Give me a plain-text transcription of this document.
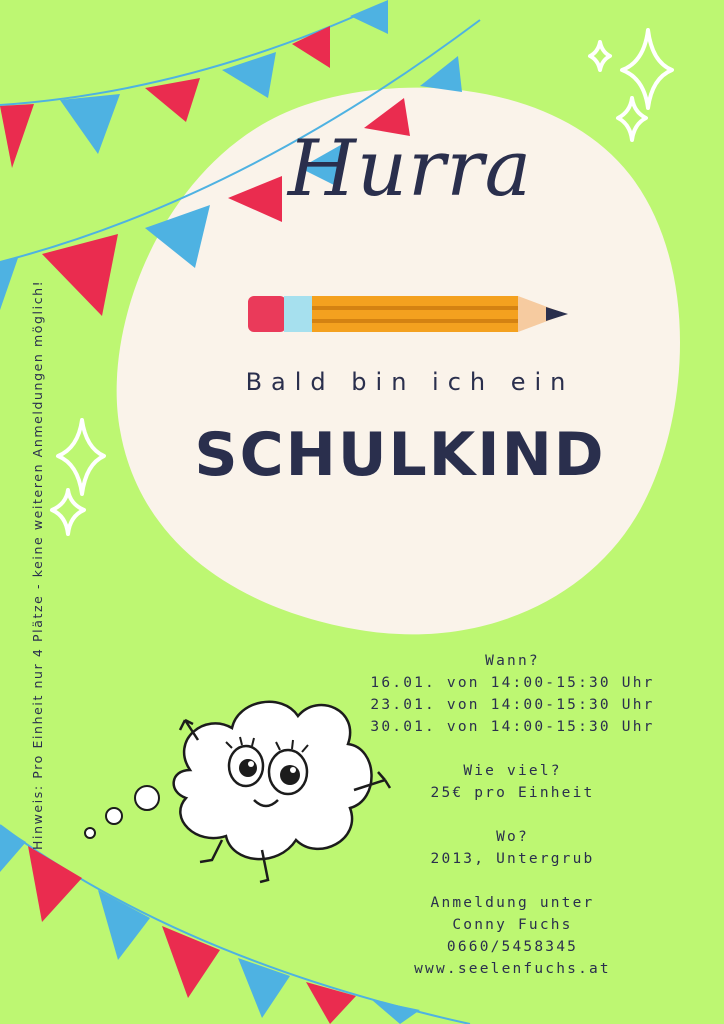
Hurra
Bald bin ich ein
SCHULKIND
Wann?
16.01. von 14:00-15:30 Uhr
23.01. von 14:00-15:30 Uhr
30.01. von 14:00-15:30 Uhr
Wie viel?
25€ pro Einheit
Wo?
2013, Untergrub
Anmeldung unter
Conny Fuchs
0660/5458345
www.seelenfuchs.at
Hinweis: Pro Einheit nur 4 Plätze - keine weiteren Anmeldungen möglich!
